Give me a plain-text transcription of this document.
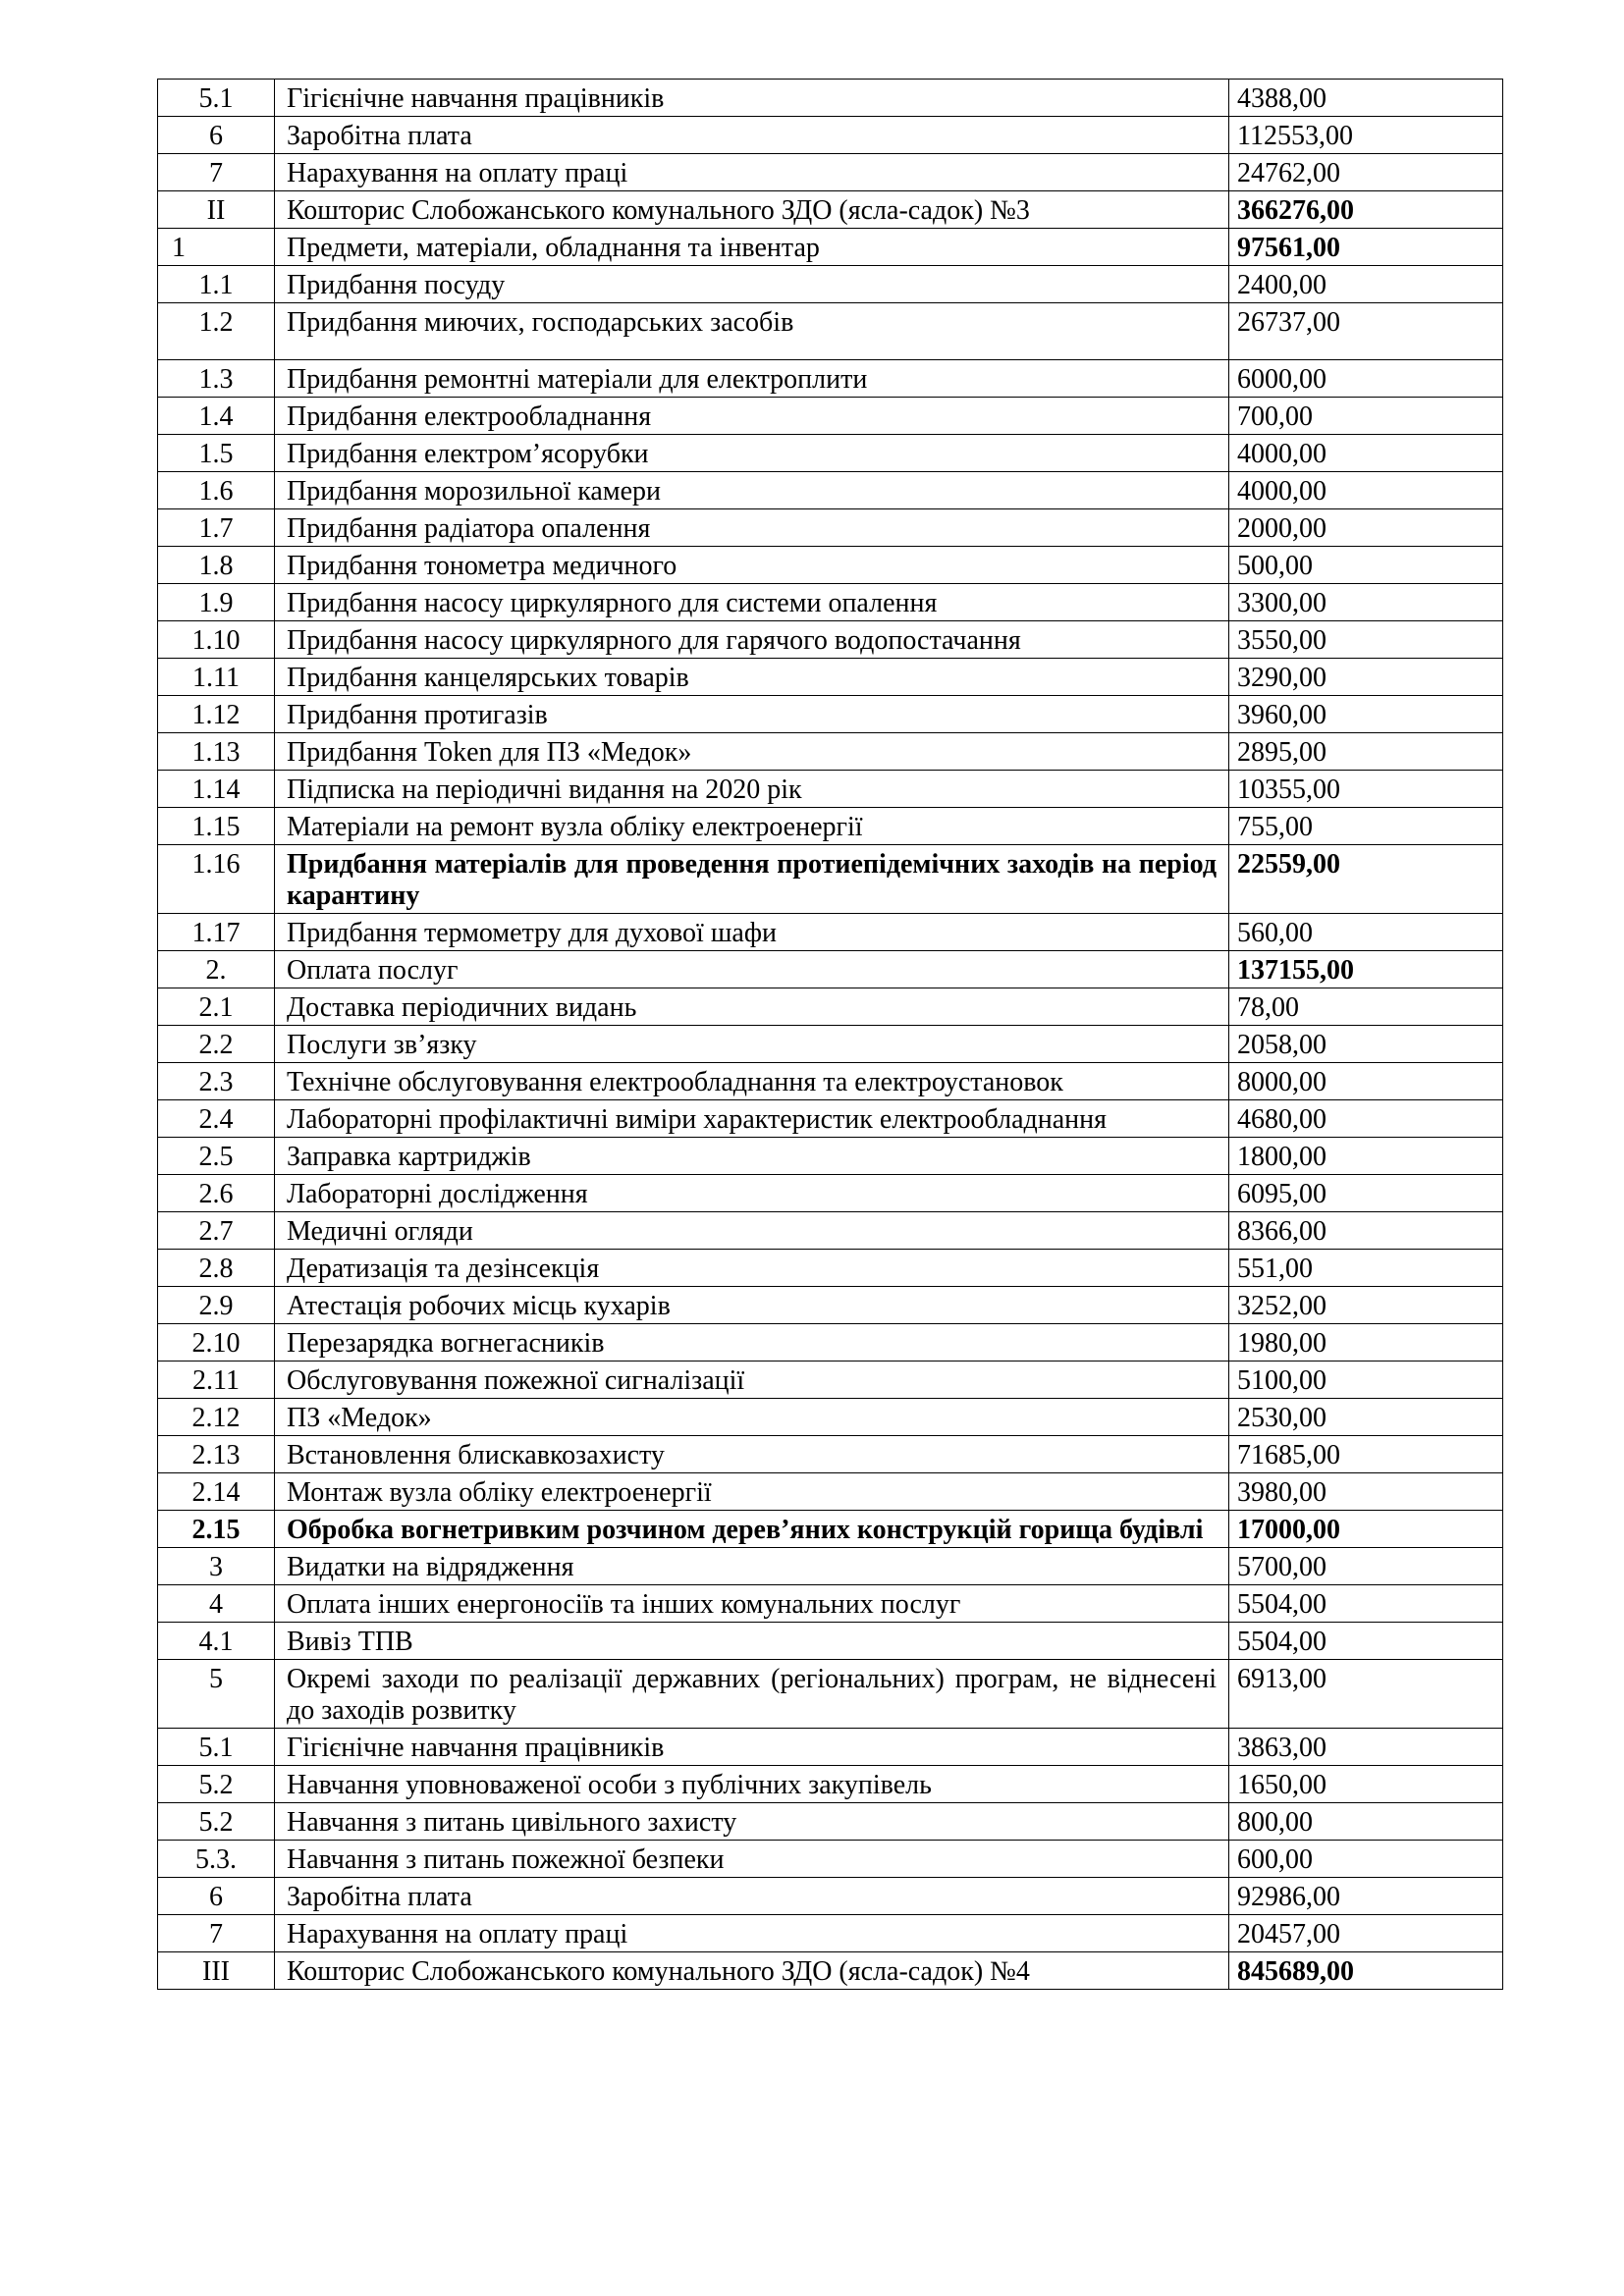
5.1	Гігієнічне навчання працівників	4388,00
6	Заробітна плата	112553,00
7	Нарахування на оплату праці	24762,00
II	Кошторис Слобожанського комунального ЗДО (ясла-садок) №3	366276,00
1	Предмети, матеріали, обладнання та інвентар	97561,00
1.1	Придбання посуду	2400,00
1.2	Придбання миючих, господарських засобів	26737,00
1.3	Придбання ремонтні матеріали для електроплити	6000,00
1.4	Придбання електрообладнання	700,00
1.5	Придбання електром’ясорубки	4000,00
1.6	Придбання морозильної камери	4000,00
1.7	Придбання радіатора опалення	2000,00
1.8	Придбання тонометра медичного	500,00
1.9	Придбання насосу циркулярного для системи опалення	3300,00
1.10	Придбання насосу циркулярного для гарячого водопостачання	3550,00
1.11	Придбання канцелярських товарів	3290,00
1.12	Придбання протигазів	3960,00
1.13	Придбання Token для ПЗ «Медок»	2895,00
1.14	Підписка на періодичні видання на 2020 рік	10355,00
1.15	Матеріали на ремонт вузла обліку електроенергії	755,00
1.16	Придбання матеріалів для проведення протиепідемічних заходів на період карантину	22559,00
1.17	Придбання термометру для духової шафи	560,00
2.	Оплата послуг	137155,00
2.1	Доставка періодичних видань	78,00
2.2	Послуги зв’язку	2058,00
2.3	Технічне обслуговування електрообладнання та електроустановок	8000,00
2.4	Лабораторні профілактичні виміри характеристик електрообладнання	4680,00
2.5	Заправка картриджів	1800,00
2.6	Лабораторні дослідження	6095,00
2.7	Медичні огляди	8366,00
2.8	Дератизація та дезінсекція	551,00
2.9	Атестація робочих місць кухарів	3252,00
2.10	Перезарядка вогнегасників	1980,00
2.11	Обслуговування пожежної сигналізації	5100,00
2.12	ПЗ «Медок»	2530,00
2.13	Встановлення блискавкозахисту	71685,00
2.14	Монтаж вузла обліку електроенергії	3980,00
2.15	Обробка вогнетривким розчином дерев’яних конструкцій горища будівлі	17000,00
3	Видатки на відрядження	5700,00
4	Оплата інших енергоносіїв та інших комунальних послуг	5504,00
4.1	Вивіз ТПВ	5504,00
5	Окремі заходи по реалізації державних (регіональних) програм, не віднесені до заходів розвитку	6913,00
5.1	Гігієнічне навчання працівників	3863,00
5.2	Навчання уповноваженої особи з публічних закупівель	1650,00
5.2	Навчання з питань цивільного захисту	800,00
5.3.	Навчання з питань пожежної безпеки	600,00
6	Заробітна плата	92986,00
7	Нарахування на оплату праці	20457,00
III	Кошторис Слобожанського комунального ЗДО (ясла-садок) №4	845689,00
